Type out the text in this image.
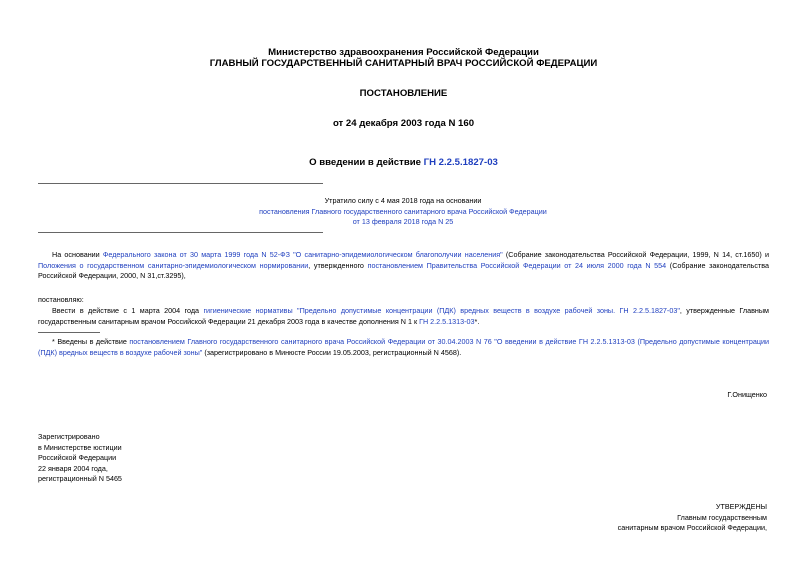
Министерство здравоохранения Российской Федерации
ГЛАВНЫЙ ГОСУДАРСТВЕННЫЙ САНИТАРНЫЙ ВРАЧ РОССИЙСКОЙ ФЕДЕРАЦИИ
ПОСТАНОВЛЕНИЕ
от 24 декабря 2003 года N 160
О введении в действие ГН 2.2.5.1827-03
Утратило силу с 4 мая 2018 года на основании
постановления Главного государственного санитарного врача Российской Федерации
от 13 февраля 2018 года N 25
На основании Федерального закона от 30 марта 1999 года N 52-ФЗ "О санитарно-эпидемиологическом благополучии населения" (Собрание законодательства Российской Федерации, 1999, N 14, ст.1650) и Положения о государственном санитарно-эпидемиологическом нормировании, утвержденного постановлением Правительства Российской Федерации от 24 июля 2000 года N 554 (Собрание законодательства Российской Федерации, 2000, N 31,ст.3295),
постановляю:
Ввести в действие с 1 марта 2004 года гигиенические нормативы "Предельно допустимые концентрации (ПДК) вредных веществ в воздухе рабочей зоны. ГН 2.2.5.1827-03", утвержденные Главным государственным санитарным врачом Российской Федерации 21 декабря 2003 года в качестве дополнения N 1 к ГН 2.2.5.1313-03*.
* Введены в действие постановлением Главного государственного санитарного врача Российской Федерации от 30.04.2003 N 76 "О введении в действие ГН 2.2.5.1313-03 (Предельно допустимые концентрации (ПДК) вредных веществ в воздухе рабочей зоны" (зарегистрировано в Минюсте России 19.05.2003, регистрационный N 4568).
Г.Онищенко
Зарегистрировано
в Министерстве юстиции
Российской Федерации
22 января 2004 года,
регистрационный N 5465
УТВЕРЖДЕНЫ
Главным государственным
санитарным врачом Российской Федерации,
